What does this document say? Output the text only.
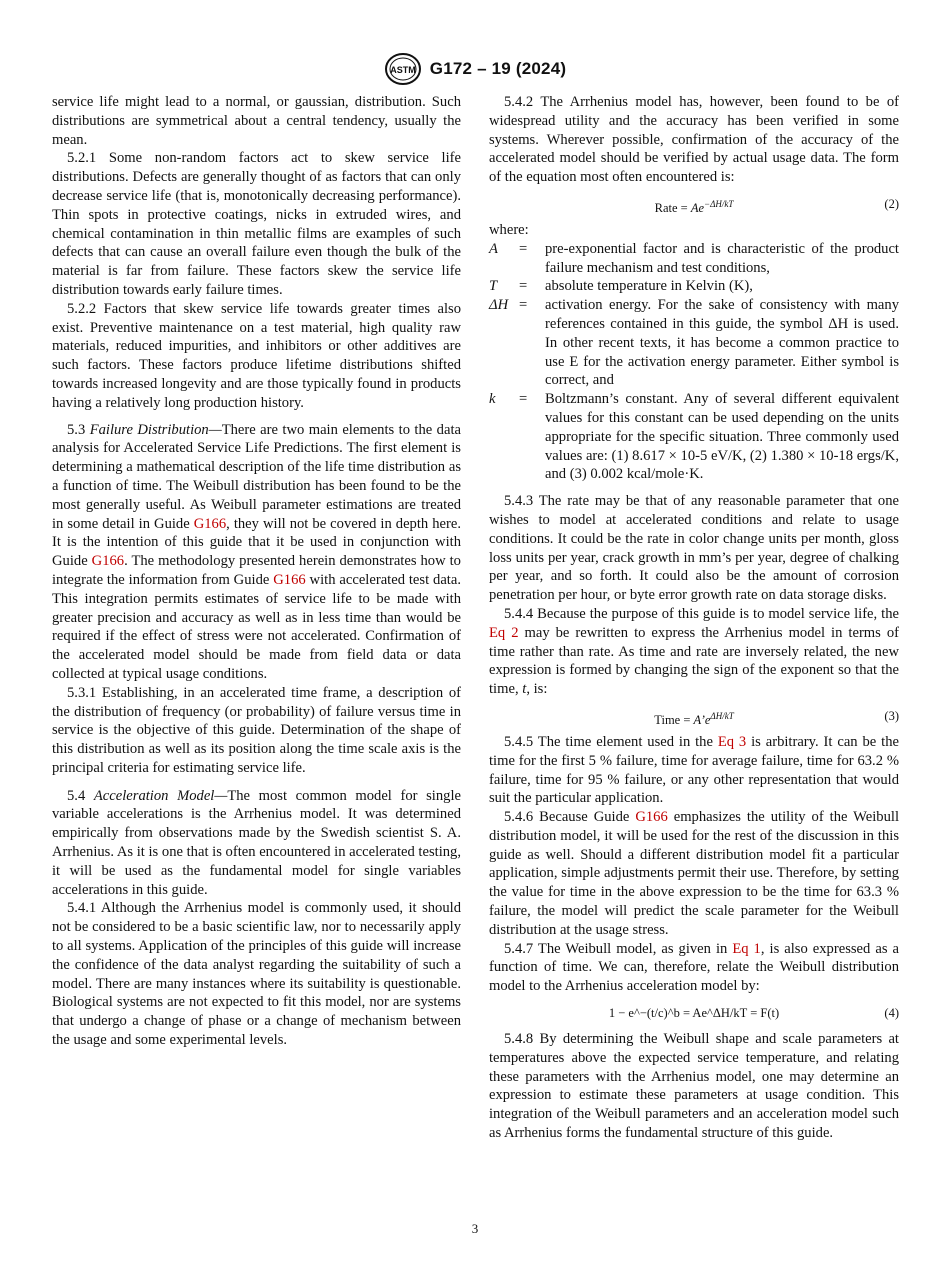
ASTM G172 – 19 (2024)

service life might lead to a normal, or gaussian, distribution. Such distributions are symmetrical about a central tendency, usually the mean.

5.2.1 Some non-random factors act to skew service life distributions. Defects are generally thought of as factors that can only decrease service life (that is, monotonically decreasing performance). Thin spots in protective coatings, nicks in extruded wires, and chemical contamination in thin metallic films are examples of such defects that can cause an overall failure even though the bulk of the material is far from failure. These factors skew the service life distribution towards early failure times.

5.2.2 Factors that skew service life towards greater times also exist. Preventive maintenance on a test material, high quality raw materials, reduced impurities, and inhibitors or other additives are such factors. These factors produce lifetime distributions shifted towards increased longevity and are those typically found in products having a relatively long production history.

5.3 Failure Distribution—There are two main elements to the data analysis for Accelerated Service Life Predictions. The first element is determining a mathematical description of the life time distribution as a function of time. The Weibull distribution has been found to be the most generally useful. As Weibull parameter estimations are treated in some detail in Guide G166, they will not be covered in depth here. It is the intention of this guide that it be used in conjunction with Guide G166. The methodology presented herein demonstrates how to integrate the information from Guide G166 with accelerated test data. This integration permits estimates of service life to be made with greater precision and accuracy as well as in less time than would be required if the effect of stress were not accelerated. Confirmation of the accelerated model should be made from field data or data collected at typical usage conditions.

5.3.1 Establishing, in an accelerated time frame, a description of the distribution of frequency (or probability) of failure versus time in service is the objective of this guide. Determination of the shape of this distribution as well as its position along the time scale axis is the principal criteria for estimating service life.

5.4 Acceleration Model—The most common model for single variable accelerations is the Arrhenius model. It was determined empirically from observations made by the Swedish scientist S. A. Arrhenius. As it is one that is often encountered in accelerated testing, it will be used as the fundamental model for single variables accelerations in this guide.

5.4.1 Although the Arrhenius model is commonly used, it should not be considered to be a basic scientific law, nor to necessarily apply to all systems. Application of the principles of this guide will increase the confidence of the data analyst regarding the suitability of such a model. There are many instances where its suitability is questionable. Biological systems are not expected to fit this model, nor are systems that undergo a change of phase or a change of mechanism between the usage and some experimental levels.

5.4.2 The Arrhenius model has, however, been found to be of widespread utility and the accuracy has been verified in some systems. Wherever possible, confirmation of the accuracy of the accelerated model should be verified by actual usage data. The form of the equation most often encountered is:

Rate = $Ae^{-\Delta H/kT}$	(2)

where:

A	=	pre-exponential factor and is characteristic of the product failure mechanism and test conditions,
T	=	absolute temperature in Kelvin (K),
ΔH	=	activation energy. For the sake of consistency with many references contained in this guide, the symbol ΔH is used. In other recent texts, it has become a common practice to use E for the activation energy parameter. Either symbol is correct, and
k	=	Boltzmann’s constant. Any of several different equivalent values for this constant can be used depending on the units appropriate for the specific situation. Three commonly used values are: (1) 8.617 × 10-5 eV/K, (2) 1.380 × 10-18 ergs/K, and (3) 0.002 kcal/mole·K.

5.4.3 The rate may be that of any reasonable parameter that one wishes to model at accelerated conditions and relate to usage conditions. It could be the rate in color change units per month, gloss loss units per year, crack growth in mm’s per year, degree of chalking per year, and so forth. It could also be the amount of corrosion penetration per hour, or byte error growth rate on data storage disks.

5.4.4 Because the purpose of this guide is to model service life, the Eq 2 may be rewritten to express the Arrhenius model in terms of time rather than rate. As time and rate are inversely related, the new expression is formed by changing the sign of the exponent so that the time, t, is:

Time = $A’e^{\Delta H/kT}$	(3)

5.4.5 The time element used in the Eq 3 is arbitrary. It can be the time for the first 5 % failure, time for average failure, time for 63.2 % failure, time for 95 % failure, or any other representation that would suit the particular application.

5.4.6 Because Guide G166 emphasizes the utility of the Weibull distribution model, it will be used for the rest of the discussion in this guide as well. Should a different distribution model fit a particular application, simple adjustments permit their use. Therefore, by setting the value for time in the above expression to be the time for 63.3 % failure, the model will predict the scale parameter for the Weibull distribution at the usage stress.

5.4.7 The Weibull model, as given in Eq 1, is also expressed as a function of time. We can, therefore, relate the Weibull distribution model to the Arrhenius acceleration model by:

1 − e^−(t/c)^b = Ae^ΔH/kT = F(t)	(4)

5.4.8 By determining the Weibull shape and scale parameters at temperatures above the expected service temperature, and relating these parameters with the Arrhenius model, one may determine an expression to estimate these parameters at usage condition. This integration of the Weibull parameters and an acceleration model such as Arrhenius forms the fundamental structure of this guide.

3
